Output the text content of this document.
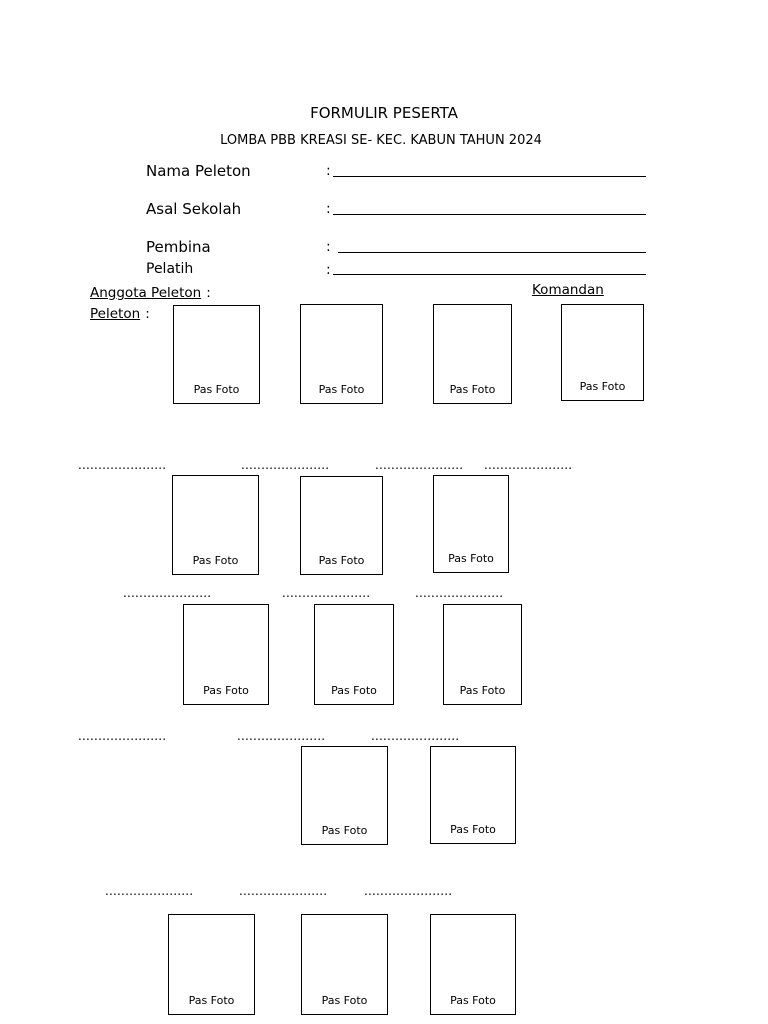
FORMULIR PESERTA
LOMBA PBB KREASI SE- KEC. KABUN TAHUN 2024
Nama Peleton	:
Asal Sekolah	:
Pembina	:
Pelatih	:
Anggota Peleton :	Komandan
Peleton :
Pas Foto	Pas Foto	Pas Foto	Pas Foto
......................	......................	...................... ......................
Pas Foto	Pas Foto	Pas Foto
......................	......................	......................
Pas Foto	Pas Foto	Pas Foto
......................	......................	......................
Pas Foto	Pas Foto
......................	......................	......................
Pas Foto	Pas Foto	Pas Foto
